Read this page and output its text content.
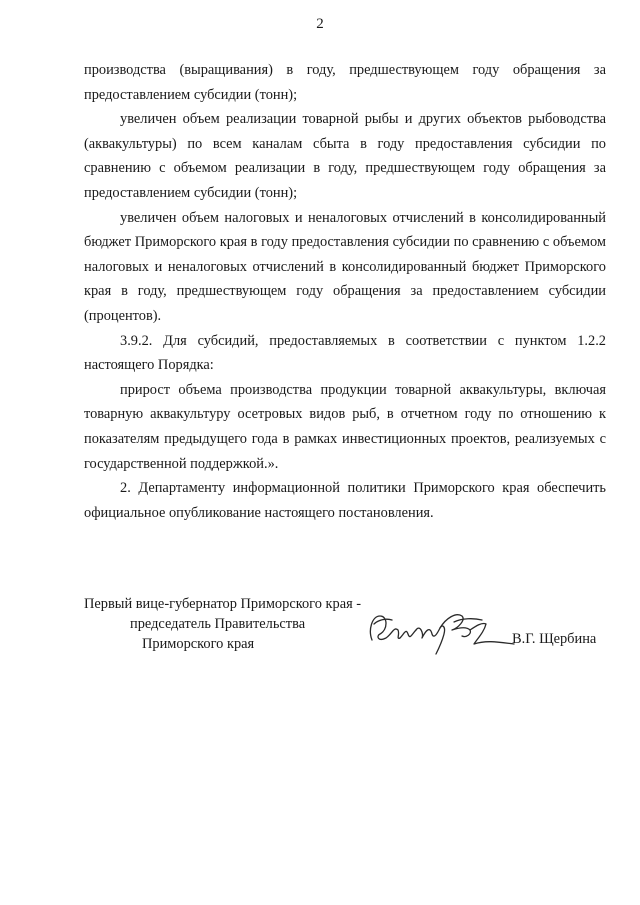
2

производства (выращивания) в году, предшествующем году обращения за предоставлением субсидии (тонн);

увеличен объем реализации товарной рыбы и других объектов рыбоводства (аквакультуры) по всем каналам сбыта в году предоставления субсидии по сравнению с объемом реализации в году, предшествующем году обращения за предоставлением субсидии (тонн);

увеличен объем налоговых и неналоговых отчислений в консолидированный бюджет Приморского края в году предоставления субсидии по сравнению с объемом налоговых и неналоговых отчислений в консолидированный бюджет Приморского края в году, предшествующем году обращения за предоставлением субсидии (процентов).

3.9.2. Для субсидий, предоставляемых в соответствии с пунктом 1.2.2 настоящего Порядка:

прирост объема производства продукции товарной аквакультуры, включая товарную аквакультуру осетровых видов рыб, в отчетном году по отношению к показателям предыдущего года в рамках инвестиционных проектов, реализуемых с государственной поддержкой.».

2. Департаменту информационной политики Приморского края обеспечить официальное опубликование настоящего постановления.

Первый вице-губернатор Приморского края -
председатель Правительства
Приморского края	В.Г. Щербина
